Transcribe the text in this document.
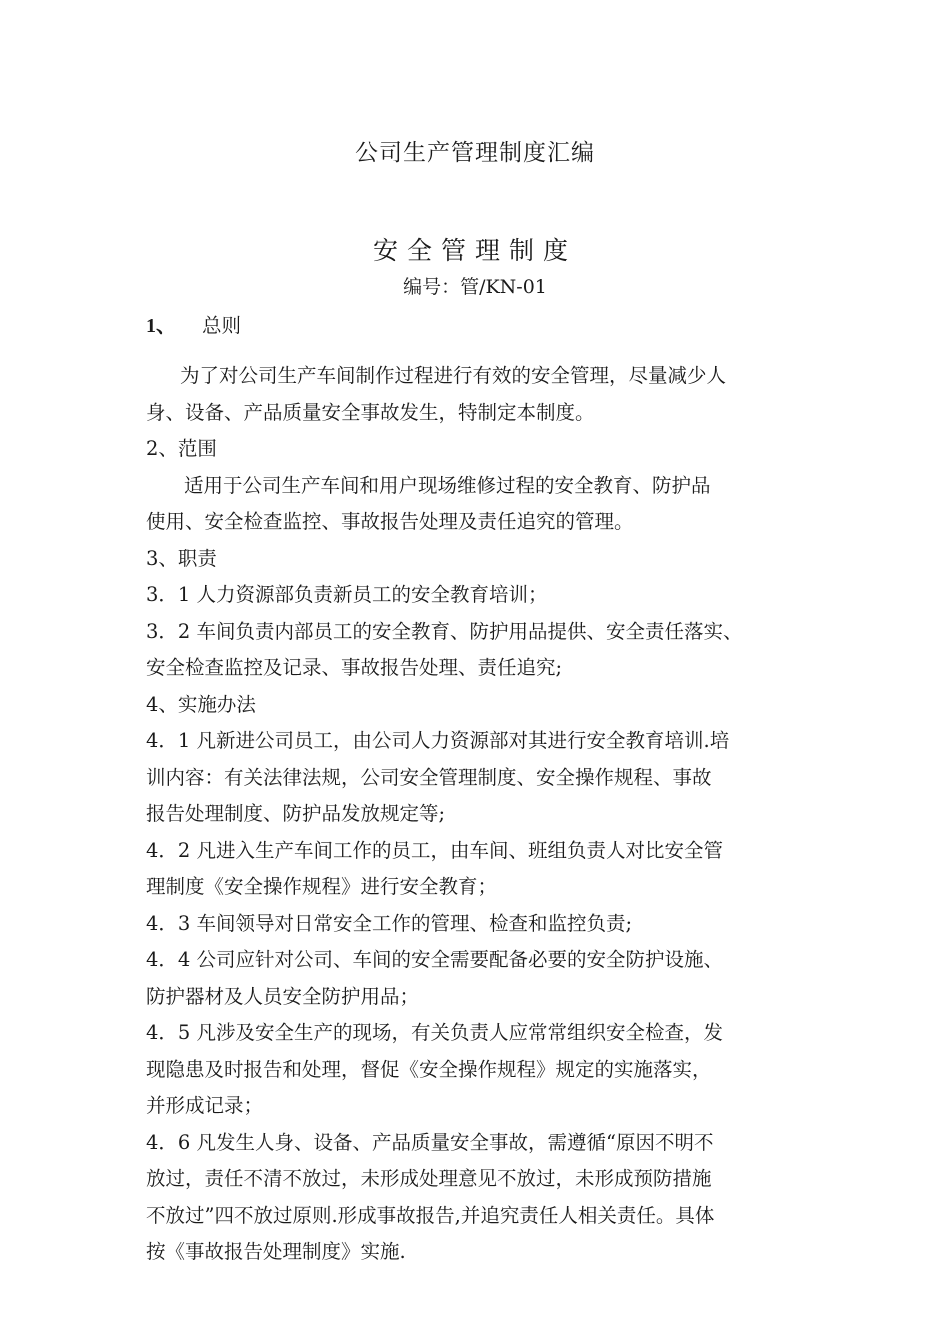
公司生产管理制度汇编
安全管理制度
编号：管/KN-01
1、 总则
为了对公司生产车间制作过程进行有效的安全管理，尽量减少人
身、设备、产品质量安全事故发生，特制定本制度。
2、范围
适用于公司生产车间和用户现场维修过程的安全教育、防护品
使用、安全检查监控、事故报告处理及责任追究的管理。
3、职责
3．1 人力资源部负责新员工的安全教育培训；
3．2 车间负责内部员工的安全教育、防护用品提供、安全责任落实、
安全检查监控及记录、事故报告处理、责任追究;
4、实施办法
4．1 凡新进公司员工，由公司人力资源部对其进行安全教育培训.培
训内容：有关法律法规，公司安全管理制度、安全操作规程、事故
报告处理制度、防护品发放规定等;
4．2 凡进入生产车间工作的员工，由车间、班组负责人对比安全管
理制度《安全操作规程》进行安全教育；
4．3 车间领导对日常安全工作的管理、检查和监控负责;
4．4 公司应针对公司、车间的安全需要配备必要的安全防护设施、
防护器材及人员安全防护用品；
4．5 凡涉及安全生产的现场，有关负责人应常常组织安全检查，发
现隐患及时报告和处理，督促《安全操作规程》规定的实施落实，
并形成记录；
4．6 凡发生人身、设备、产品质量安全事故，需遵循“原因不明不
放过，责任不清不放过，未形成处理意见不放过，未形成预防措施
不放过”四不放过原则.形成事故报告,并追究责任人相关责任。具体
按《事故报告处理制度》实施.
